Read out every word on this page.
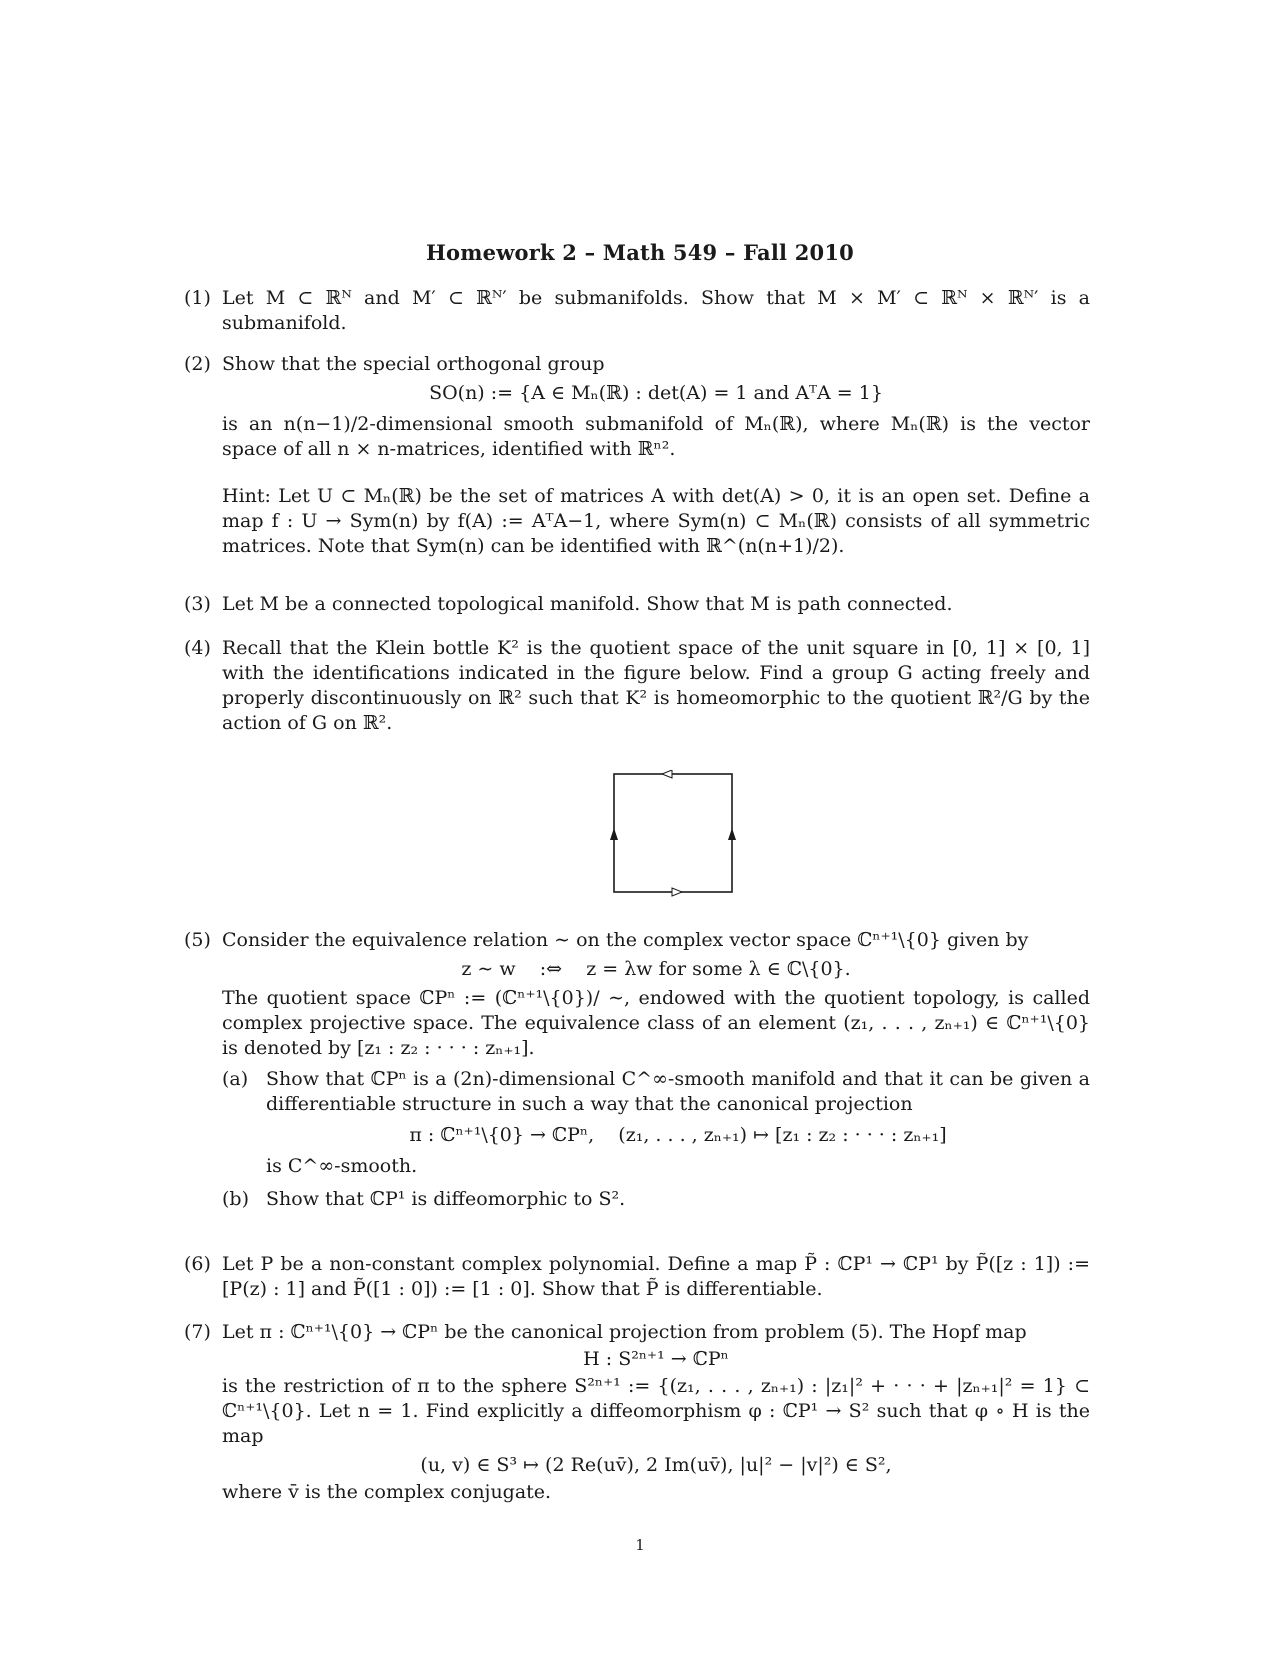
Homework 2 – Math 549 – Fall 2010
(1) Let M ⊂ ℝᴺ and M′ ⊂ ℝᴺ′ be submanifolds. Show that M × M′ ⊂ ℝᴺ × ℝᴺ′ is a submanifold.
(2) Show that the special orthogonal group
SO(n) := {A ∈ Mₙ(ℝ) : det(A) = 1 and AᵀA = 1}
is an n(n−1)/2-dimensional smooth submanifold of Mₙ(ℝ), where Mₙ(ℝ) is the vector space of all n × n-matrices, identified with ℝⁿ².
Hint: Let U ⊂ Mₙ(ℝ) be the set of matrices A with det(A) > 0, it is an open set. Define a map f : U → Sym(n) by f(A) := AᵀA−1, where Sym(n) ⊂ Mₙ(ℝ) consists of all symmetric matrices. Note that Sym(n) can be identified with ℝ^(n(n+1)/2).
(3) Let M be a connected topological manifold. Show that M is path connected.
(4) Recall that the Klein bottle K² is the quotient space of the unit square in [0, 1] × [0, 1] with the identifications indicated in the figure below. Find a group G acting freely and properly discontinuously on ℝ² such that K² is homeomorphic to the quotient ℝ²/G by the action of G on ℝ².
(5) Consider the equivalence relation ∼ on the complex vector space ℂⁿ⁺¹\{0} given by
z ∼ w    :⇔    z = λw for some λ ∈ ℂ\{0}.
The quotient space ℂPⁿ := (ℂⁿ⁺¹\{0})/ ∼, endowed with the quotient topology, is called complex projective space. The equivalence class of an element (z₁, . . . , zₙ₊₁) ∈ ℂⁿ⁺¹\{0} is denoted by [z₁ : z₂ : · · · : zₙ₊₁].
(a) Show that ℂPⁿ is a (2n)-dimensional C^∞-smooth manifold and that it can be given a differentiable structure in such a way that the canonical projection
π : ℂⁿ⁺¹\{0} → ℂPⁿ,    (z₁, . . . , zₙ₊₁) ↦ [z₁ : z₂ : · · · : zₙ₊₁]
is C^∞-smooth.
(b) Show that ℂP¹ is diffeomorphic to S².
(6) Let P be a non-constant complex polynomial. Define a map P̃ : ℂP¹ → ℂP¹ by P̃([z : 1]) := [P(z) : 1] and P̃([1 : 0]) := [1 : 0]. Show that P̃ is differentiable.
(7) Let π : ℂⁿ⁺¹\{0} → ℂPⁿ be the canonical projection from problem (5). The Hopf map
H : S²ⁿ⁺¹ → ℂPⁿ
is the restriction of π to the sphere S²ⁿ⁺¹ := {(z₁, . . . , zₙ₊₁) : |z₁|² + · · · + |zₙ₊₁|² = 1} ⊂ ℂⁿ⁺¹\{0}. Let n = 1. Find explicitly a diffeomorphism φ : ℂP¹ → S² such that φ ∘ H is the map
(u, v) ∈ S³ ↦ (2 Re(uv̄), 2 Im(uv̄), |u|² − |v|²) ∈ S²,
where v̄ is the complex conjugate.
1
